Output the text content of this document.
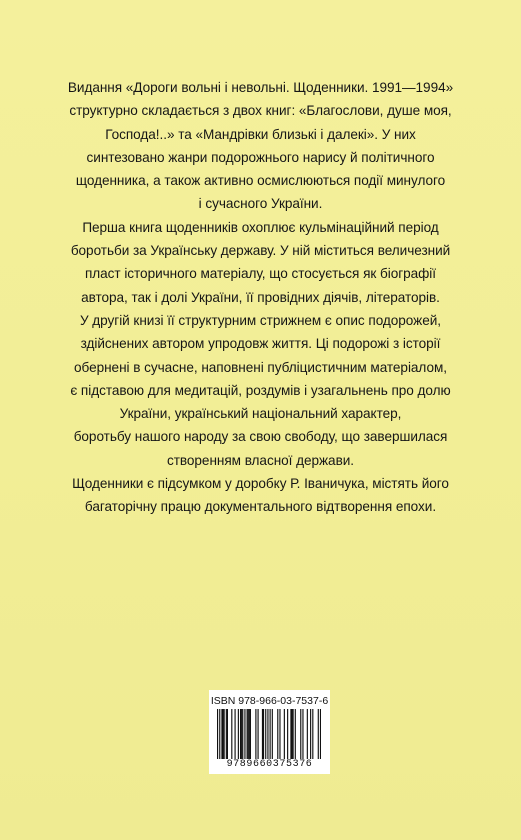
Видання «Дороги вольні і невольні. Щоденники. 1991—1994»
структурно складається з двох книг: «Благослови, душе моя,
Господа!..» та «Мандрівки близькі і далекі». У них
синтезовано жанри подорожнього нарису й політичного
щоденника, а також активно осмислюються події минулого
і сучасного України.

Перша книга щоденників охоплює кульмінаційний період
боротьби за Українську державу. У ній міститься величезний
пласт історичного матеріалу, що стосується як біографії
автора, так і долі України, її провідних діячів, літераторів.

У другій книзі її структурним стрижнем є опис подорожей,
здійснених автором упродовж життя. Ці подорожі з історії
обернені в сучасне, наповнені публіцистичним матеріалом,
є підставою для медитацій, роздумів і узагальнень про долю
України, український національний характер,
боротьбу нашого народу за свою свободу, що завершилася
створенням власної держави.

Щоденники є підсумком у доробку Р. Іваничука, містять його
багаторічну працю документального відтворення епохи.

ISBN 978-966-03-7537-6
9789660375376
